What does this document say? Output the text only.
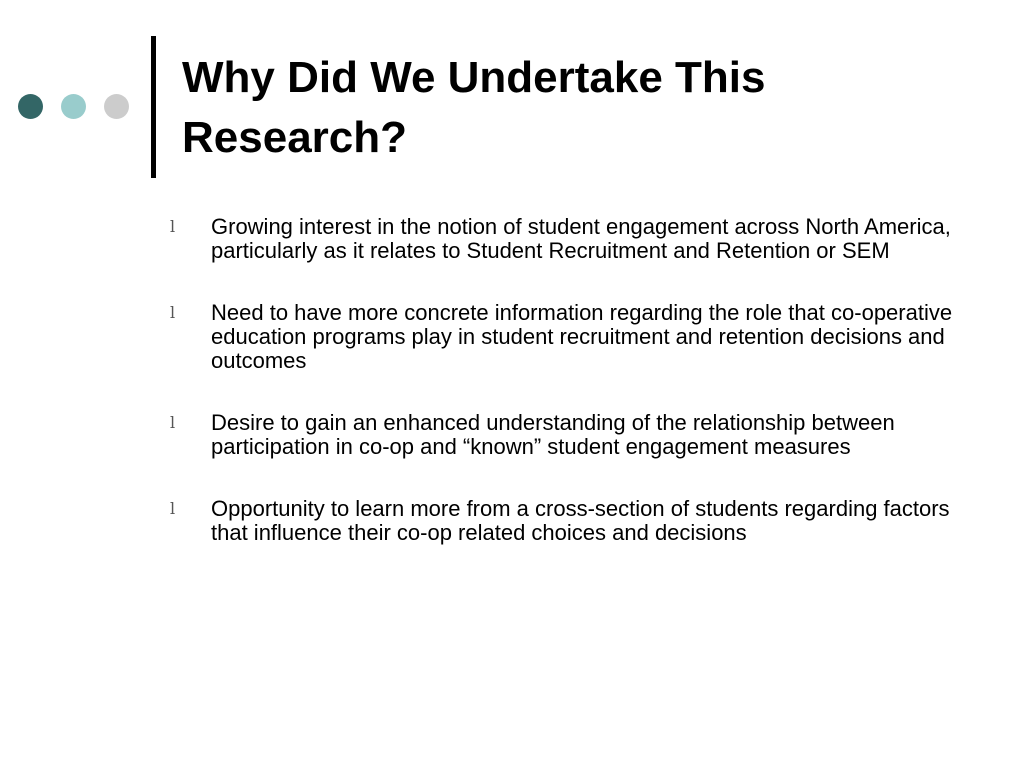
Why Did We Undertake This Research?
l	Growing interest in the notion of student engagement across North America, particularly as it relates to Student Recruitment and Retention or SEM
l	Need to have more concrete information regarding the role that co-operative education programs play in student recruitment and retention decisions and outcomes
l	Desire to gain an enhanced understanding of the relationship between participation in co-op and “known” student engagement measures
l	Opportunity to learn more from a cross-section of students regarding factors that influence their co-op related choices and decisions
